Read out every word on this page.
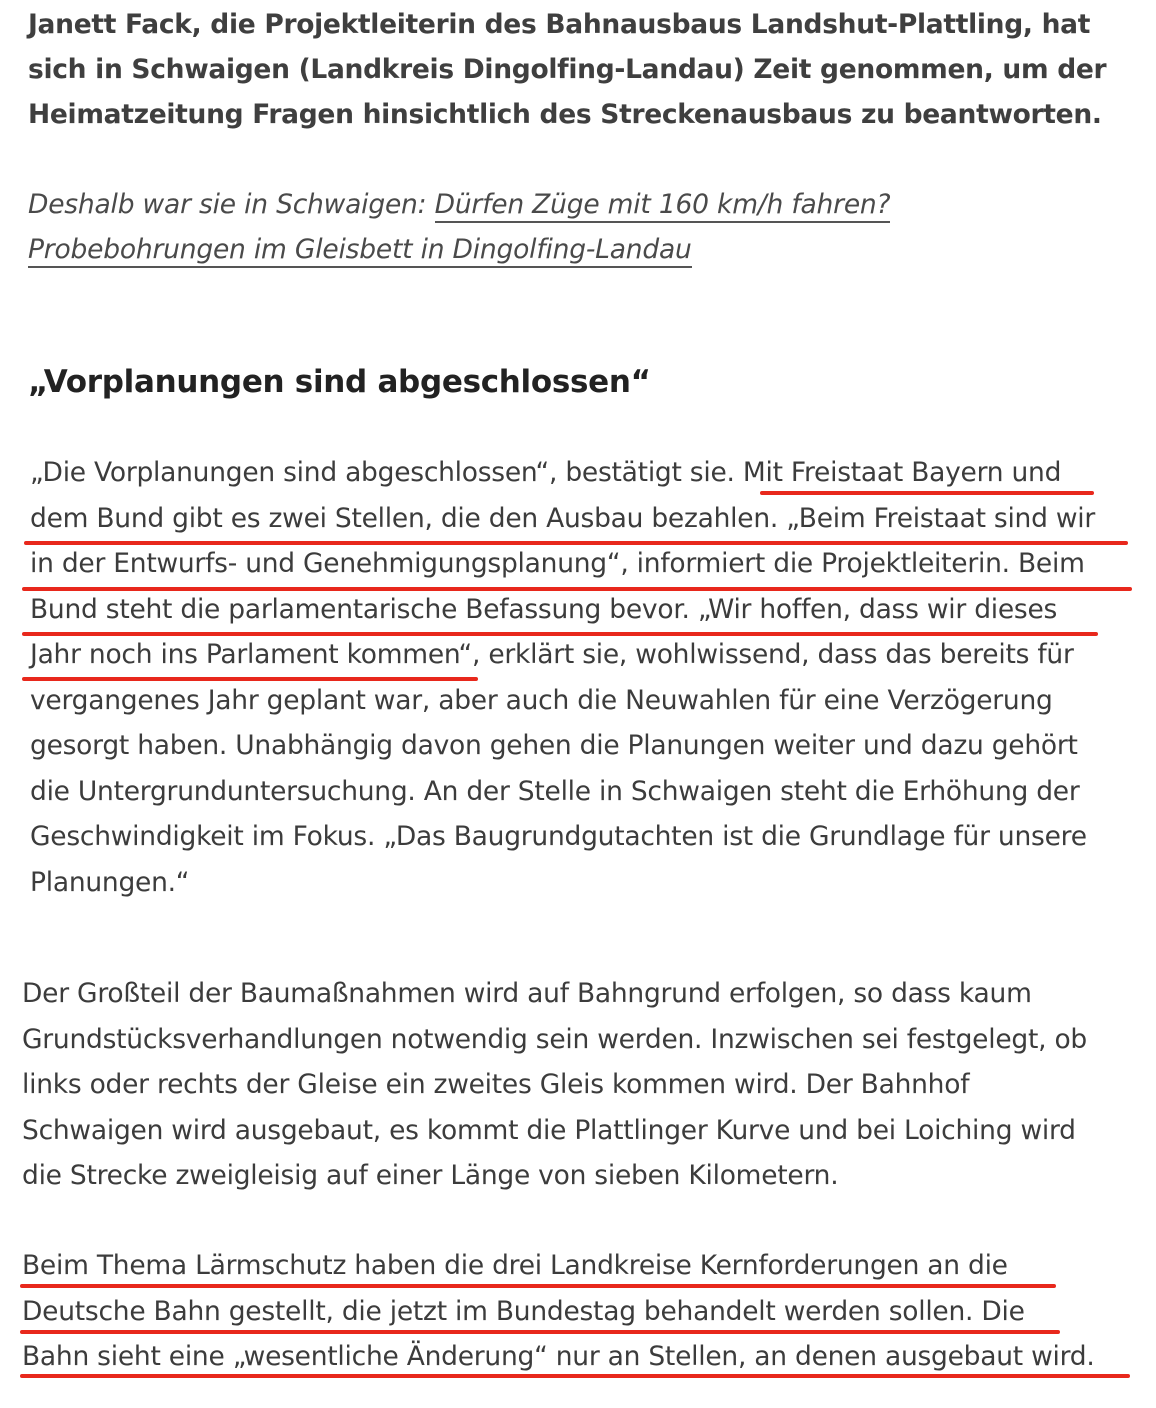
Janett Fack, die Projektleiterin des Bahnausbaus Landshut-Plattling, hat sich in Schwaigen (Landkreis Dingolfing-Landau) Zeit genommen, um der Heimatzeitung Fragen hinsichtlich des Streckenausbaus zu beantworten.

Deshalb war sie in Schwaigen: Dürfen Züge mit 160 km/h fahren?
Probebohrungen im Gleisbett in Dingolfing-Landau

„Vorplanungen sind abgeschlossen“

„Die Vorplanungen sind abgeschlossen“, bestätigt sie. Mit Freistaat Bayern und
dem Bund gibt es zwei Stellen, die den Ausbau bezahlen. „Beim Freistaat sind wir
in der Entwurfs- und Genehmigungsplanung“, informiert die Projektleiterin. Beim
Bund steht die parlamentarische Befassung bevor. „Wir hoffen, dass wir dieses
Jahr noch ins Parlament kommen“, erklärt sie, wohlwissend, dass das bereits für
vergangenes Jahr geplant war, aber auch die Neuwahlen für eine Verzögerung
gesorgt haben. Unabhängig davon gehen die Planungen weiter und dazu gehört
die Untergrunduntersuchung. An der Stelle in Schwaigen steht die Erhöhung der
Geschwindigkeit im Fokus. „Das Baugrundgutachten ist die Grundlage für unsere
Planungen.“

Der Großteil der Baumaßnahmen wird auf Bahngrund erfolgen, so dass kaum
Grundstücksverhandlungen notwendig sein werden. Inzwischen sei festgelegt, ob
links oder rechts der Gleise ein zweites Gleis kommen wird. Der Bahnhof
Schwaigen wird ausgebaut, es kommt die Plattlinger Kurve und bei Loiching wird
die Strecke zweigleisig auf einer Länge von sieben Kilometern.

Beim Thema Lärmschutz haben die drei Landkreise Kernforderungen an die
Deutsche Bahn gestellt, die jetzt im Bundestag behandelt werden sollen. Die
Bahn sieht eine „wesentliche Änderung“ nur an Stellen, an denen ausgebaut wird.
